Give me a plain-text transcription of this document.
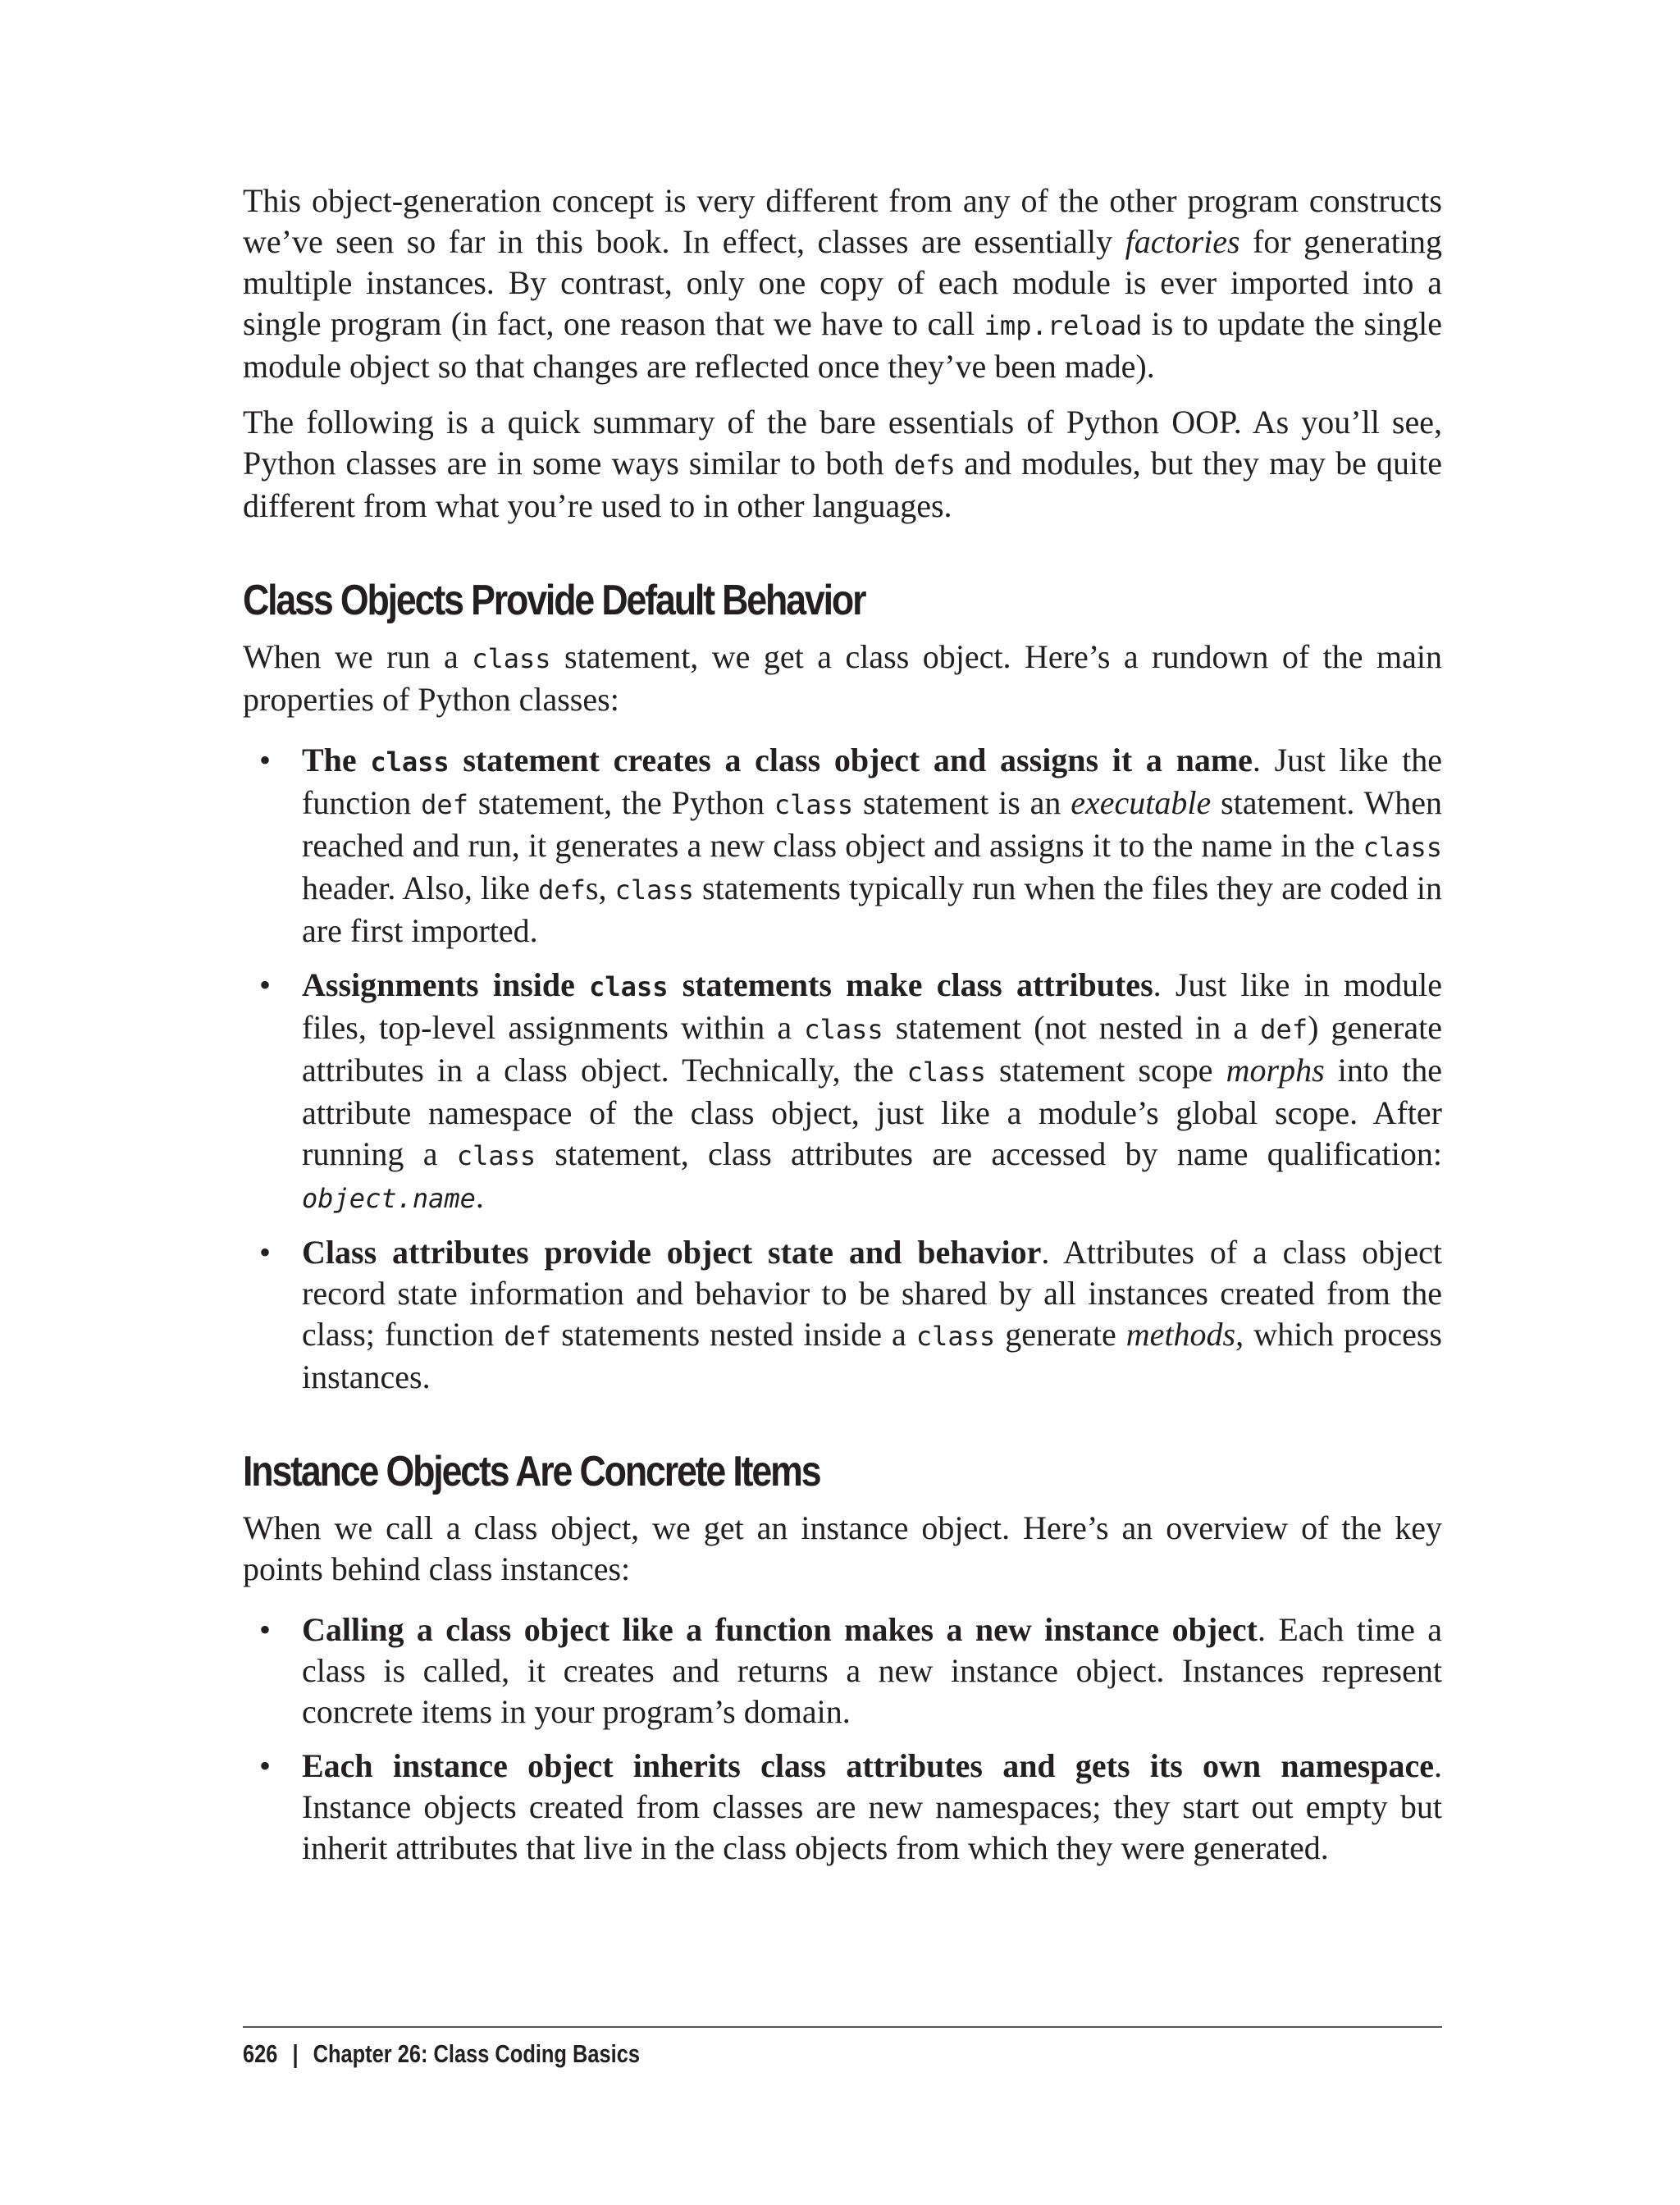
This object-generation concept is very different from any of the other program constructs we’ve seen so far in this book. In effect, classes are essentially factories for generating multiple instances. By contrast, only one copy of each module is ever imported into a single program (in fact, one reason that we have to call imp.reload is to update the single module object so that changes are reflected once they’ve been made).

The following is a quick summary of the bare essentials of Python OOP. As you’ll see, Python classes are in some ways similar to both defs and modules, but they may be quite different from what you’re used to in other languages.

Class Objects Provide Default Behavior

When we run a class statement, we get a class object. Here’s a rundown of the main properties of Python classes:

• The class statement creates a class object and assigns it a name. Just like the function def statement, the Python class statement is an executable statement. When reached and run, it generates a new class object and assigns it to the name in the class header. Also, like defs, class statements typically run when the files they are coded in are first imported.
• Assignments inside class statements make class attributes. Just like in module files, top-level assignments within a class statement (not nested in a def) generate attributes in a class object. Technically, the class statement scope morphs into the attribute namespace of the class object, just like a module’s global scope. After running a class statement, class attributes are accessed by name qualification: object.name.
• Class attributes provide object state and behavior. Attributes of a class object record state information and behavior to be shared by all instances created from the class; function def statements nested inside a class generate methods, which process instances.
Instance Objects Are Concrete Items

When we call a class object, we get an instance object. Here’s an overview of the key points behind class instances:

• Calling a class object like a function makes a new instance object. Each time a class is called, it creates and returns a new instance object. Instances represent concrete items in your program’s domain.
• Each instance object inherits class attributes and gets its own namespace. Instance objects created from classes are new namespaces; they start out empty but inherit attributes that live in the class objects from which they were generated.
626 | Chapter 26: Class Coding Basics
